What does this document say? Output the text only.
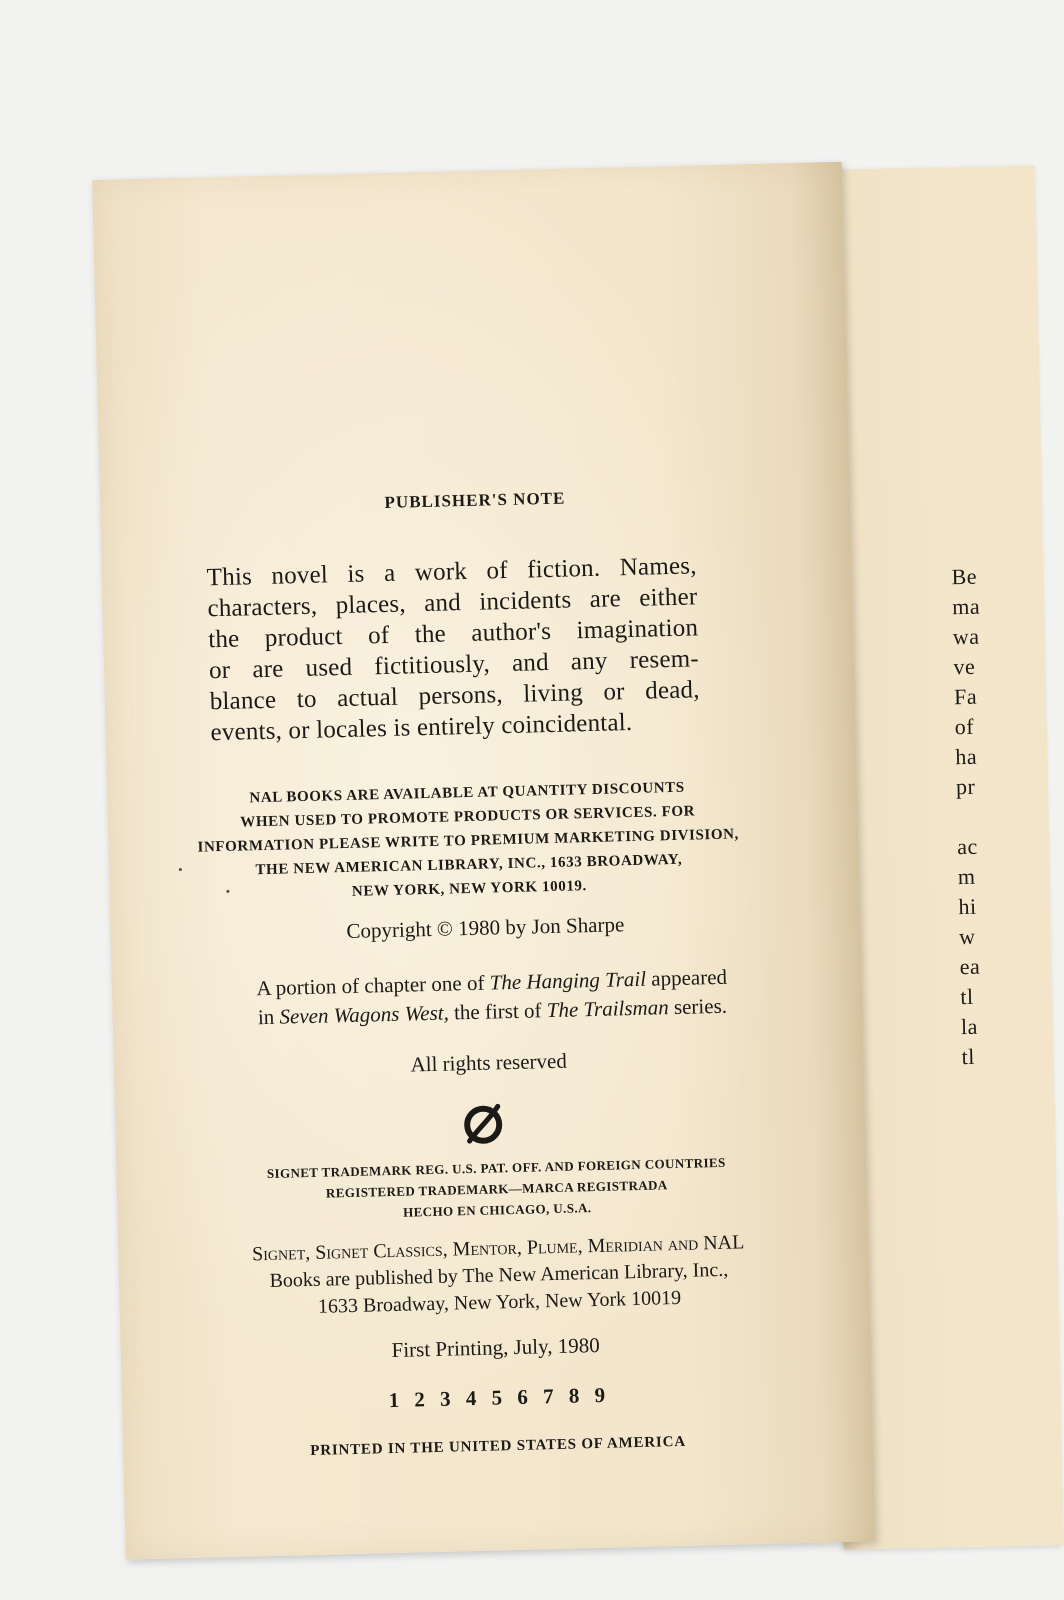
Be
ma
wa
ve
Fa
of
ha
pr
ac
m
hi
w
ea
tl
la
tl
PUBLISHER'S NOTE
This novel is a work of fiction. Names,
characters, places, and incidents are either
the product of the author's imagination
or are used fictitiously, and any resem-
blance to actual persons, living or dead,
events, or locales is entirely coincidental.
NAL BOOKS ARE AVAILABLE AT QUANTITY DISCOUNTS
WHEN USED TO PROMOTE PRODUCTS OR SERVICES. FOR
INFORMATION PLEASE WRITE TO PREMIUM MARKETING DIVISION,
THE NEW AMERICAN LIBRARY, INC., 1633 BROADWAY,
NEW YORK, NEW YORK 10019.
Copyright © 1980 by Jon Sharpe
A portion of chapter one of The Hanging Trail appeared
in Seven Wagons West, the first of The Trailsman series.
All rights reserved
SIGNET TRADEMARK REG. U.S. PAT. OFF. AND FOREIGN COUNTRIES
REGISTERED TRADEMARK—MARCA REGISTRADA
HECHO EN CHICAGO, U.S.A.
Signet, Signet Classics, Mentor, Plume, Meridian and NAL
Books are published by The New American Library, Inc.,
1633 Broadway, New York, New York 10019
First Printing, July, 1980
1 2 3 4 5 6 7 8 9
PRINTED IN THE UNITED STATES OF AMERICA
